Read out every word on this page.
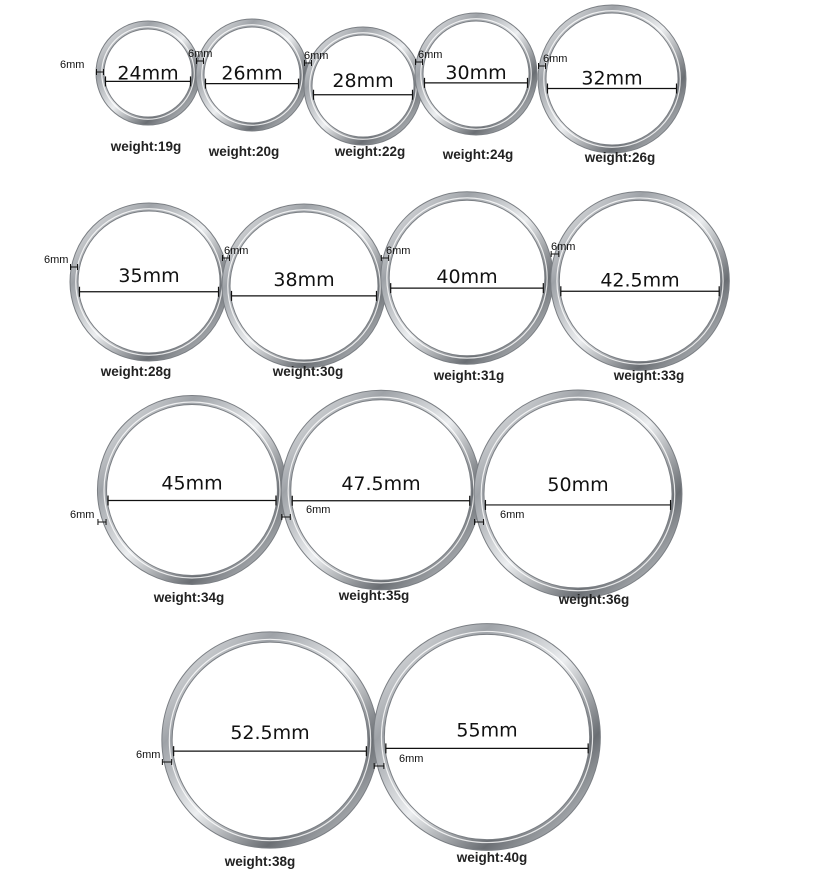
24mm
6mm
weight:19g
26mm
6mm
weight:20g
28mm
6mm
weight:22g
30mm
6mm
weight:24g
32mm
6mm
weight:26g
35mm
6mm
weight:28g
38mm
6mm
weight:30g
40mm
6mm
weight:31g
42.5mm
6mm
weight:33g
45mm
6mm
weight:34g
47.5mm
6mm
weight:35g
50mm
6mm
weight:36g
52.5mm
6mm
weight:38g
55mm
6mm
weight:40g
